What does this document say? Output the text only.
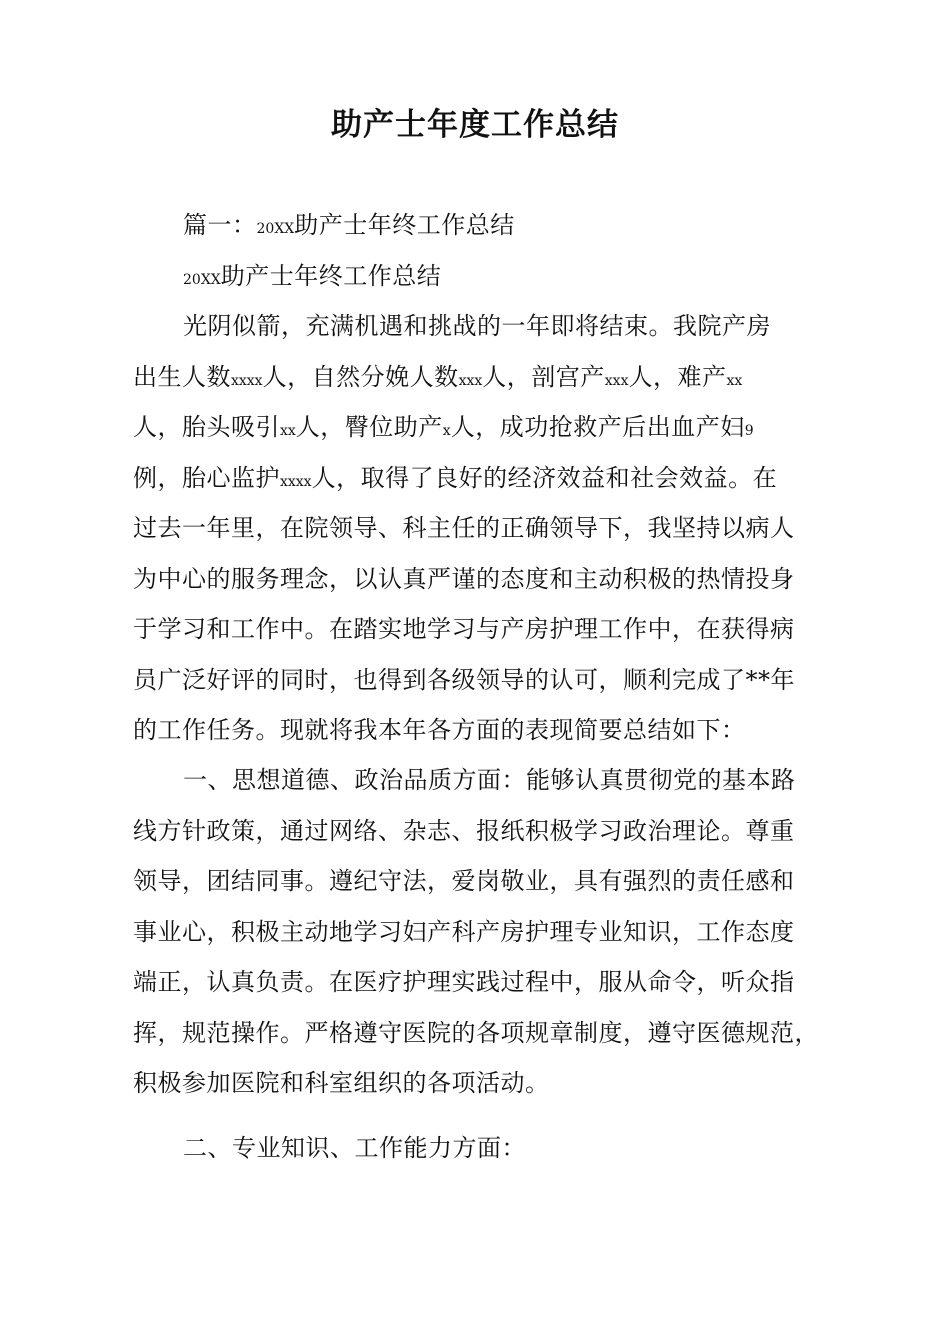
助产士年度工作总结
篇一：20XX助产士年终工作总结
20XX助产士年终工作总结
光阴似箭，充满机遇和挑战的一年即将结束。我院产房
出生人数xxxx人，自然分娩人数xxx人，剖宫产xxx人，难产xx
人，胎头吸引xx人，臀位助产x人，成功抢救产后出血产妇9
例，胎心监护xxxx人，取得了良好的经济效益和社会效益。在
过去一年里，在院领导、科主任的正确领导下，我坚持以病人
为中心的服务理念，以认真严谨的态度和主动积极的热情投身
于学习和工作中。在踏实地学习与产房护理工作中，在获得病
员广泛好评的同时，也得到各级领导的认可，顺利完成了**年
的工作任务。现就将我本年各方面的表现简要总结如下：
一、思想道德、政治品质方面：能够认真贯彻党的基本路
线方针政策，通过网络、杂志、报纸积极学习政治理论。尊重
领导，团结同事。遵纪守法，爱岗敬业，具有强烈的责任感和
事业心，积极主动地学习妇产科产房护理专业知识，工作态度
端正，认真负责。在医疗护理实践过程中，服从命令，听众指
挥，规范操作。严格遵守医院的各项规章制度，遵守医德规范，
积极参加医院和科室组织的各项活动。
二、专业知识、工作能力方面：
